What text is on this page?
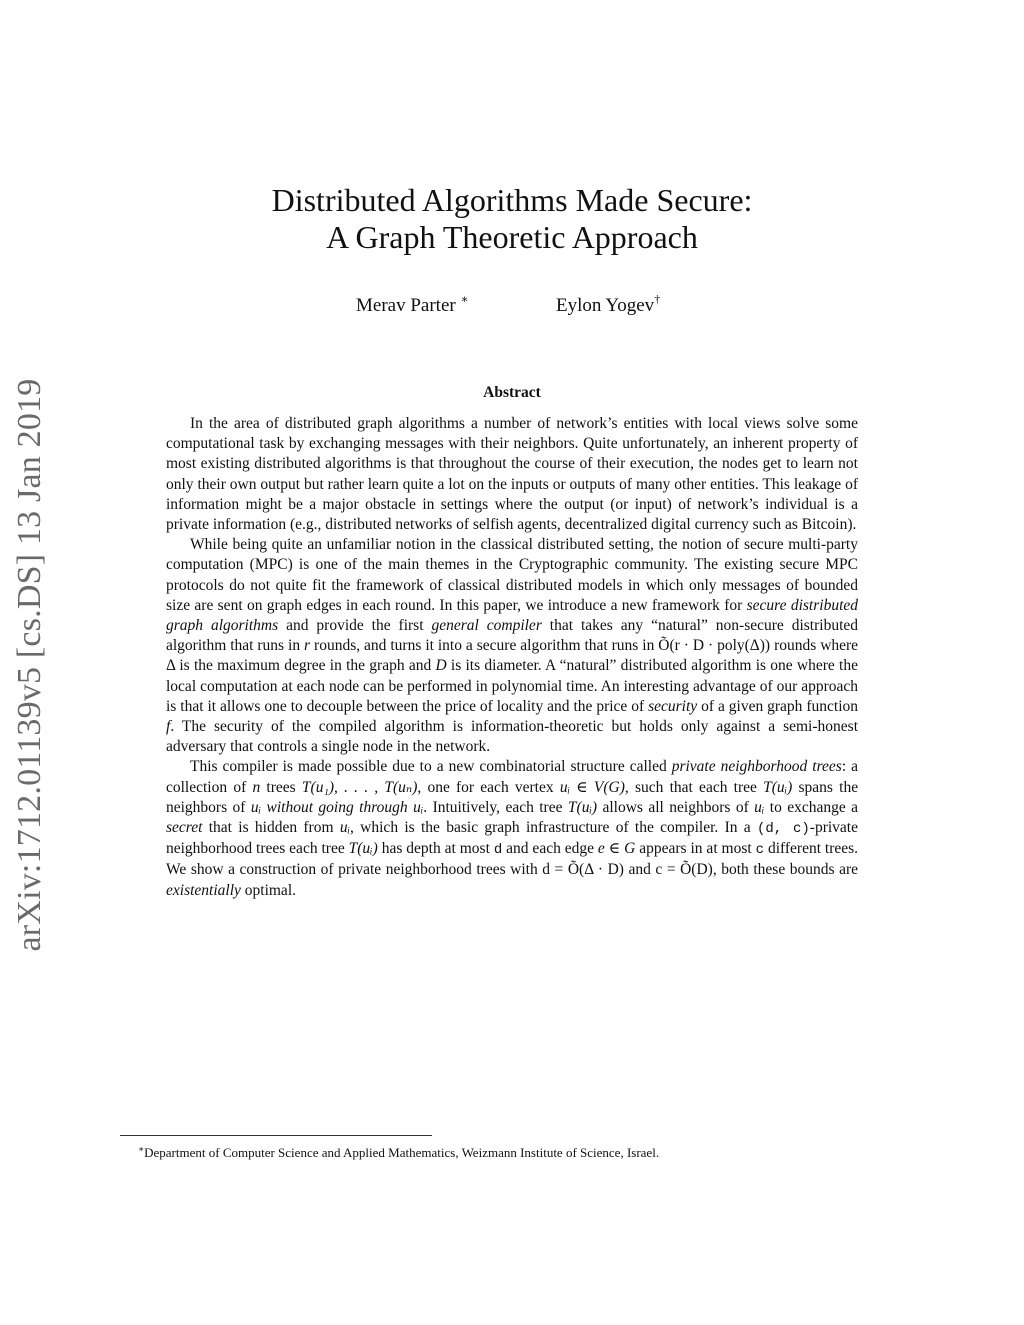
arXiv:1712.01139v5 [cs.DS] 13 Jan 2019
Distributed Algorithms Made Secure:
A Graph Theoretic Approach
Merav Parter ∗	Eylon Yogev†
Abstract

In the area of distributed graph algorithms a number of network’s entities with local views solve some computational task by exchanging messages with their neighbors. Quite unfortunately, an inherent property of most existing distributed algorithms is that throughout the course of their execution, the nodes get to learn not only their own output but rather learn quite a lot on the inputs or outputs of many other entities. This leakage of information might be a major obstacle in settings where the output (or input) of network’s individual is a private information (e.g., distributed networks of selfish agents, decentralized digital currency such as Bitcoin).

While being quite an unfamiliar notion in the classical distributed setting, the notion of secure multi-party computation (MPC) is one of the main themes in the Cryptographic community. The existing secure MPC protocols do not quite fit the framework of classical distributed models in which only messages of bounded size are sent on graph edges in each round. In this paper, we introduce a new framework for secure distributed graph algorithms and provide the first general compiler that takes any “natural” non-secure distributed algorithm that runs in r rounds, and turns it into a secure algorithm that runs in Õ(r · D · poly(Δ)) rounds where Δ is the maximum degree in the graph and D is its diameter. A “natural” distributed algorithm is one where the local computation at each node can be performed in polynomial time. An interesting advantage of our approach is that it allows one to decouple between the price of locality and the price of security of a given graph function f. The security of the compiled algorithm is information-theoretic but holds only against a semi-honest adversary that controls a single node in the network.

This compiler is made possible due to a new combinatorial structure called private neighborhood trees: a collection of n trees T(u₁), . . . , T(uₙ), one for each vertex uᵢ ∈ V(G), such that each tree T(uᵢ) spans the neighbors of uᵢ without going through uᵢ. Intuitively, each tree T(uᵢ) allows all neighbors of uᵢ to exchange a secret that is hidden from uᵢ, which is the basic graph infrastructure of the compiler. In a (d, c)-private neighborhood trees each tree T(uᵢ) has depth at most d and each edge e ∈ G appears in at most c different trees. We show a construction of private neighborhood trees with d = Õ(Δ · D) and c = Õ(D), both these bounds are existentially optimal.

∗Department of Computer Science and Applied Mathematics, Weizmann Institute of Science, Israel.
